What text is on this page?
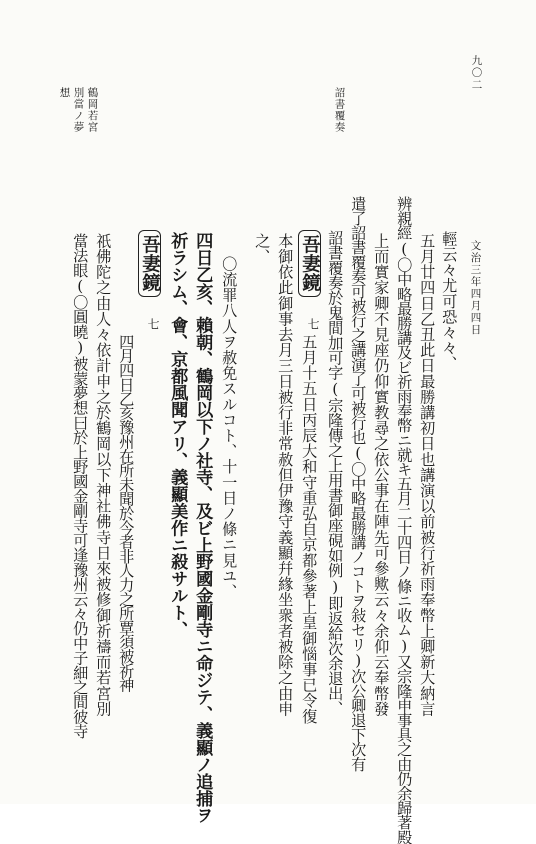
九〇二
文治三年四月四日
輕云々尤可恐々々、
五月廿四日乙丑此日最勝講初日也講演以前被行祈雨奉幣上卿新大納言
辨親經(〇中略最勝講及ビ祈雨奉幣ニ就キ五月二十四日ノ條ニ收ム)又宗隆申事具之由仍余歸著殿
上而實家卿不見座仍仰實教尋之依公事在陣先可參歟云々余仰云奉幣發
遣了詔書覆奏可被行之講演了可被行也(〇中略最勝講ノコトヲ敍セリ)次公卿退下次有
詔書覆奏於鬼間加可字(宗隆傳之上用書御座硯如例)即返給次余退出、
吾妻鏡
七
五月十五日丙辰大和守重弘自京都參著上皇御惱事已令復
本御依此御事去月三日被行非常赦但伊豫守義顯幷緣坐衆者被除之由申
之、
〇流罪八人ヲ赦免スルコト、十一日ノ條ニ見ユ、
四日乙亥、賴朝、鶴岡以下ノ社寺、及ビ上野國金剛寺ニ命ジテ、義顯ノ追捕ヲ
祈ラシム、會、京都風聞アリ、義顯美作ニ殺サルト、
吾妻鏡
七
四月四日乙亥豫州在所未聞於今者非人力之所覃須被祈神
祇佛陀之由人々依計申之於鶴岡以下神社佛寺日來被修御祈禱而若宮別
當法眼(〇圓曉)被蒙夢想曰於上野國金剛寺可逢豫州云々仍中子細之間彼寺
詔書覆奏
鶴岡若宮
別當ノ夢
想
